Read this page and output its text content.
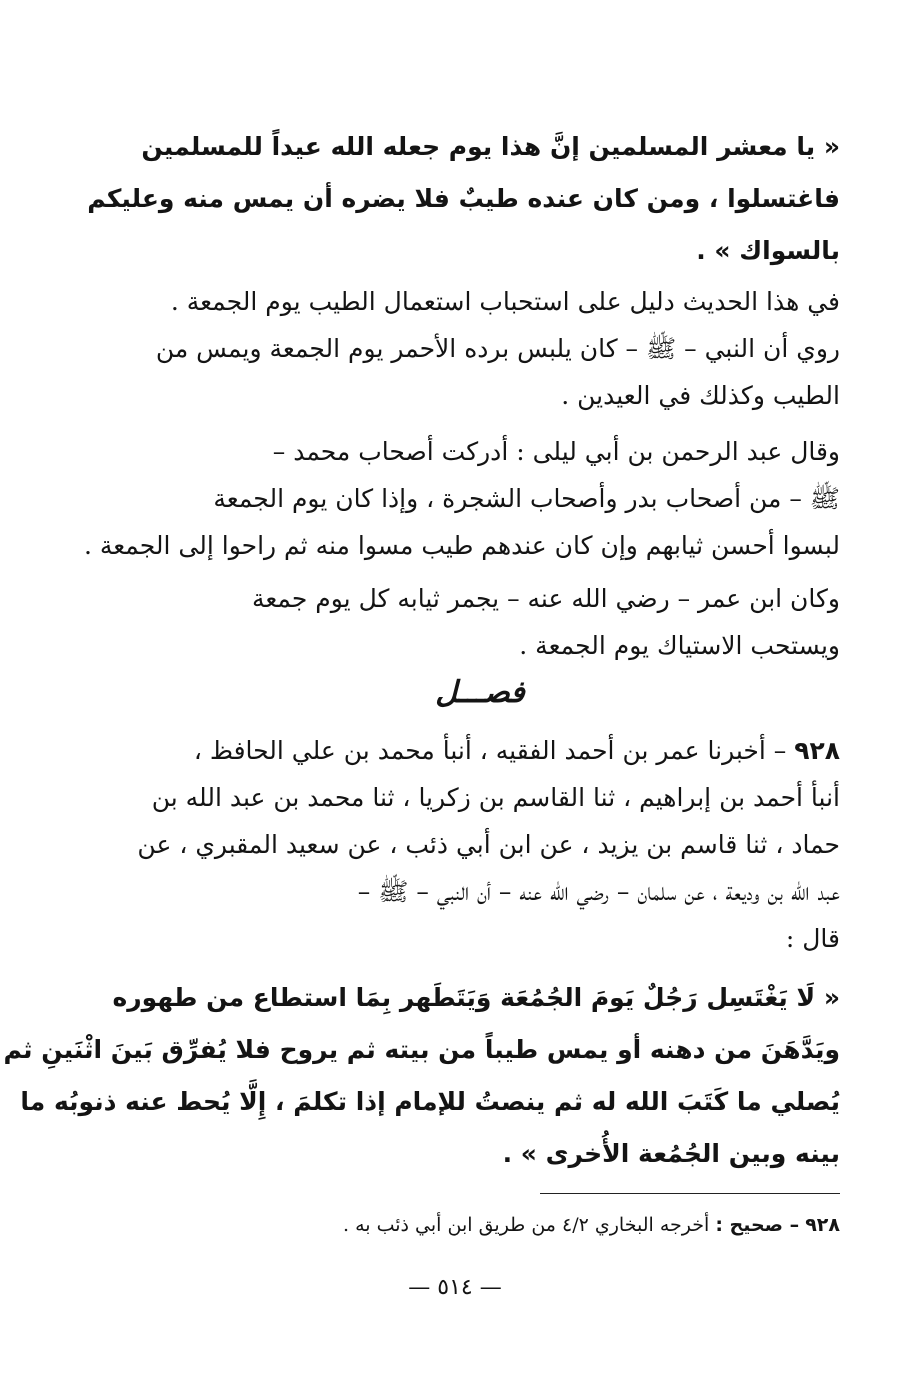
« يا معشر المسلمين إنَّ هذا يوم جعله الله عيداً للمسلمين
فاغتسلوا ، ومن كان عنده طيبٌ فلا يضره أن يمس منه وعليكم
بالسواك » .
في هذا الحديث دليل على استحباب استعمال الطيب يوم الجمعة .
روي أن النبي – ﷺ – كان يلبس برده الأحمر يوم الجمعة ويمس من
الطيب وكذلك في العيدين .
وقال عبد الرحمن بن أبي ليلى : أدركت أصحاب محمد –
ﷺ – من أصحاب بدر وأصحاب الشجرة ، وإذا كان يوم الجمعة
لبسوا أحسن ثيابهم وإن كان عندهم طيب مسوا منه ثم راحوا إلى الجمعة .
وكان ابن عمر – رضي الله عنه – يجمر ثيابه كل يوم جمعة
ويستحب الاستياك يوم الجمعة .
فصـــل
٩٢٨ – أخبرنا عمر بن أحمد الفقيه ، أنبأ محمد بن علي الحافظ ،
أنبأ أحمد بن إبراهيم ، ثنا القاسم بن زكريا ، ثنا محمد بن عبد الله بن
حماد ، ثنا قاسم بن يزيد ، عن ابن أبي ذئب ، عن سعيد المقبري ، عن
عبد الله بن وديعة ، عن سلمان – رضي الله عنه – أن النبي – ﷺ –
قال :
« لَا يَغْتَسِل رَجُلٌ يَومَ الجُمُعَة وَيَتَطَهر بِمَا استطاع من طهوره
ويَدَّهَنَ من دهنه أو يمس طيباً من بيته ثم يروح فلا يُفرِّق بَينَ اثْنَينِ ثم
يُصلي ما كَتَبَ الله له ثم ينصتُ للإمام إذا تكلمَ ، إِلَّا يُحط عنه ذنوبُه ما
بينه وبين الجُمُعة الأُخرى » .
٩٢٨ – صحيح : أخرجه البخاري ٤/٢ من طريق ابن أبي ذئب به .
— ٥١٤ —
